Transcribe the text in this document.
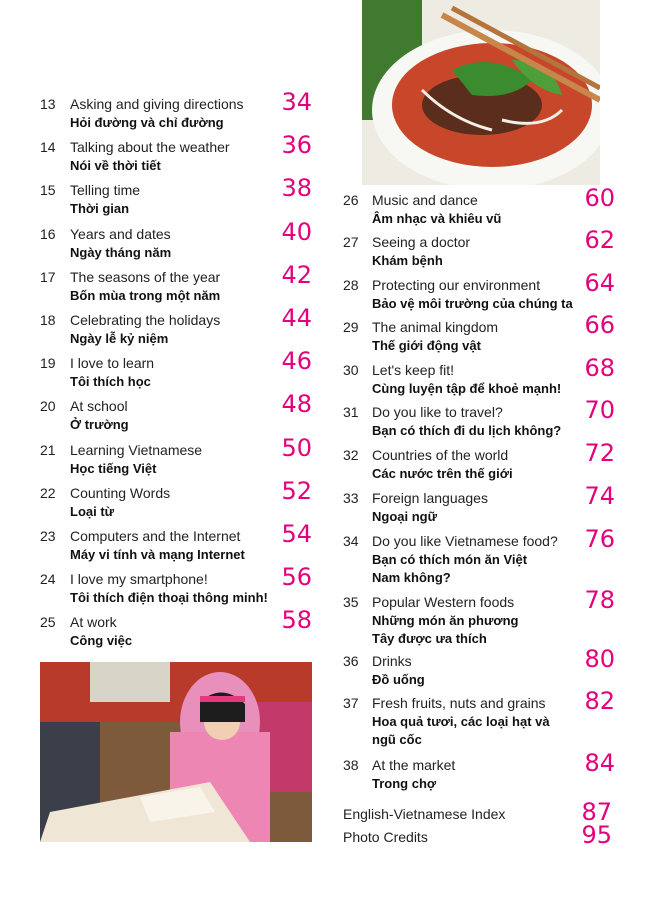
13 Asking and giving directions
Hỏi đường và chỉ đường
34
14 Talking about the weather
Nói về thời tiết
36
15 Telling time
Thời gian
38
16 Years and dates
Ngày tháng năm
40
17 The seasons of the year
Bốn mùa trong một năm
42
18 Celebrating the holidays
Ngày lễ kỷ niệm
44
19 I love to learn
Tôi thích học
46
20 At school
Ở trường
48
21 Learning Vietnamese
Học tiếng Việt
50
22 Counting Words
Loại từ
52
23 Computers and the Internet
Máy vi tính và mạng Internet
54
24 I love my smartphone!
Tôi thích điện thoại thông minh!
56
25 At work
Công việc
58
26 Music and dance
Âm nhạc và khiêu vũ
60
27 Seeing a doctor
Khám bệnh
62
28 Protecting our environment
Bảo vệ môi trường của chúng ta
64
29 The animal kingdom
Thế giới động vật
66
30 Let's keep fit!
Cùng luyện tập để khoẻ mạnh!
68
31 Do you like to travel?
Bạn có thích đi du lịch không?
70
32 Countries of the world
Các nước trên thế giới
72
33 Foreign languages
Ngoại ngữ
74
34 Do you like Vietnamese food?
Bạn có thích món ăn Việt
Nam không?
76
35 Popular Western foods
Những món ăn phương
Tây được ưa thích
78
36 Drinks
Đồ uống
80
37 Fresh fruits, nuts and grains
Hoa quả tươi, các loại hạt và
ngũ cốc
82
38 At the market
Trong chợ
84
English-Vietnamese Index	87
Photo Credits	95
